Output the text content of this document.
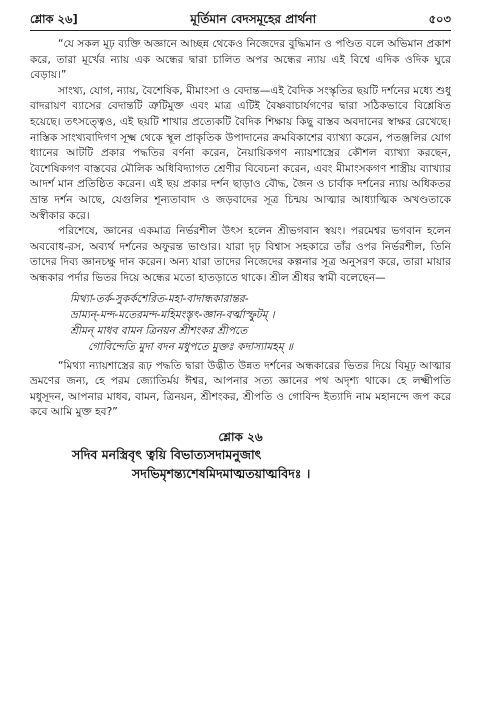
শ্লোক ২৬]	মূর্তিমান বেদসমূহের প্রার্থনা	৫০৩

“যে সকল মূঢ় ব্যক্তি অজ্ঞানে আচ্ছন্ন থেকেও নিজেদের বুদ্ধিমান ও পণ্ডিত বলে অভিমান প্রকাশ করে, তারা মূর্খের ন্যায় এক অন্ধের দ্বারা চালিত অপর অন্ধের ন্যায় এই বিশ্বে এদিক ওদিক ঘুরে বেড়ায়।”

সাংখ্য, যোগ, ন্যায়, বৈশেষিক, মীমাংসা ও বেদান্ত—এই বৈদিক সংস্কৃতির ছয়টি দর্শনের মধ্যে শুধু বাদরায়ণ ব্যাসের বেদান্তটি ত্রুটিমুক্ত এবং মাত্র এটিই বৈষ্ণবাচার্যগণের দ্বারা সঠিকভাবে বিশ্লেষিত হয়েছে। তৎসত্ত্বেও, এই ছয়টি শাখার প্রত্যেকটি বৈদিক শিক্ষায় কিছু বাস্তব অবদানের স্বাক্ষর রেখেছে। নাস্তিক সাংখ্যবাদিগণ সূক্ষ্ম থেকে স্থূল প্রাকৃতিক উপাদানের ক্রমবিকাশের ব্যাখ্যা করেন, পতঞ্জলির যোগ ধ্যানের আটটি প্রকার পদ্ধতির বর্ণনা করেন, নৈয়ায়িকগণ ন্যায়শাস্ত্রের কৌশল ব্যাখ্যা করছেন, বৈশেষিকগণ বাস্তবের মৌলিক অধিবিদ্যাগত শ্রেণীর বিবেচনা করেন, এবং মীমাংসকগণ শাস্ত্রীয় ব্যাখ্যার আদর্শ মান প্রতিষ্ঠিত করেন। এই ছয় প্রকার দর্শন ছাড়াও বৌদ্ধ, জৈন ও চার্বাক দর্শনের ন্যায় অধিকতর ভ্রান্ত দর্শন আছে, যেগুলির শূন্যতাবাদ ও জড়বাদের সূত্র চিন্ময় আত্মার আধ্যাত্মিক অখণ্ডতাকে অস্বীকার করে।

পরিশেষে, জ্ঞানের একমাত্র নির্ভরশীল উৎস হলেন শ্রীভগবান স্বয়ং। পরমেশ্বর ভগবান হলেন অববোধ-রস, অব্যর্থ দর্শনের অফুরন্ত ভাণ্ডার। যারা দৃঢ় বিশ্বাস সহকারে তাঁর ওপর নির্ভরশীল, তিনি তাদের দিব্য জ্ঞানচক্ষু দান করেন। অন্য যারা তাদের নিজেদের কল্পনার সূত্র অনুসরণ করে, তারা মায়ার অন্ধকার পর্দার ভিতর দিয়ে অন্ধের মতো হাতড়াতে থাকে। শ্রীল শ্রীধর স্বামী বলেছেন—

মিথ্যা-তর্ক-সুকর্কশেরিত-মহা-বাদান্ধকারান্তর-

ভ্রাম্যন্-মন্দ-মতেরমন্দ-মহিমংস্তৃৎ-জ্ঞান-বর্ত্মাস্ফুটম্ ।

শ্রীমন্ মাধব বামন ত্রিনয়ন শ্রীশংকর শ্রীপতে

গোবিন্দেতি মুদা বদন মধুপতে মুক্তঃ কদাস্যামহম্ ॥

“মিথ্যা ন্যায়শাস্ত্রের রূঢ় পদ্ধতি দ্বারা উদ্ভীত উন্নত দর্শনের অন্ধকারের ভিতর দিয়ে বিমূঢ় আত্মার ভ্রমণের জন্য, হে পরম জ্যোতির্ময় ঈশ্বর, আপনার সত্য জ্ঞানের পথ অদৃশ্য থাকে। হে লক্ষ্মীপতি মধুসূদন, আপনার মাধব, বামন, ত্রিনয়ন, শ্রীশংকর, শ্রীপতি ও গোবিন্দ ইত্যাদি নাম মহানন্দে জপ করে কবে আমি মুক্ত হব?”

শ্লোক ২৬
সদিব মনস্ত্রিবৃৎ ত্বয়ি বিভাত্যসদামনুজাৎ
সদভিমৃশন্ত্যশেষমিদমাত্মতয়াত্মবিদঃ ।
